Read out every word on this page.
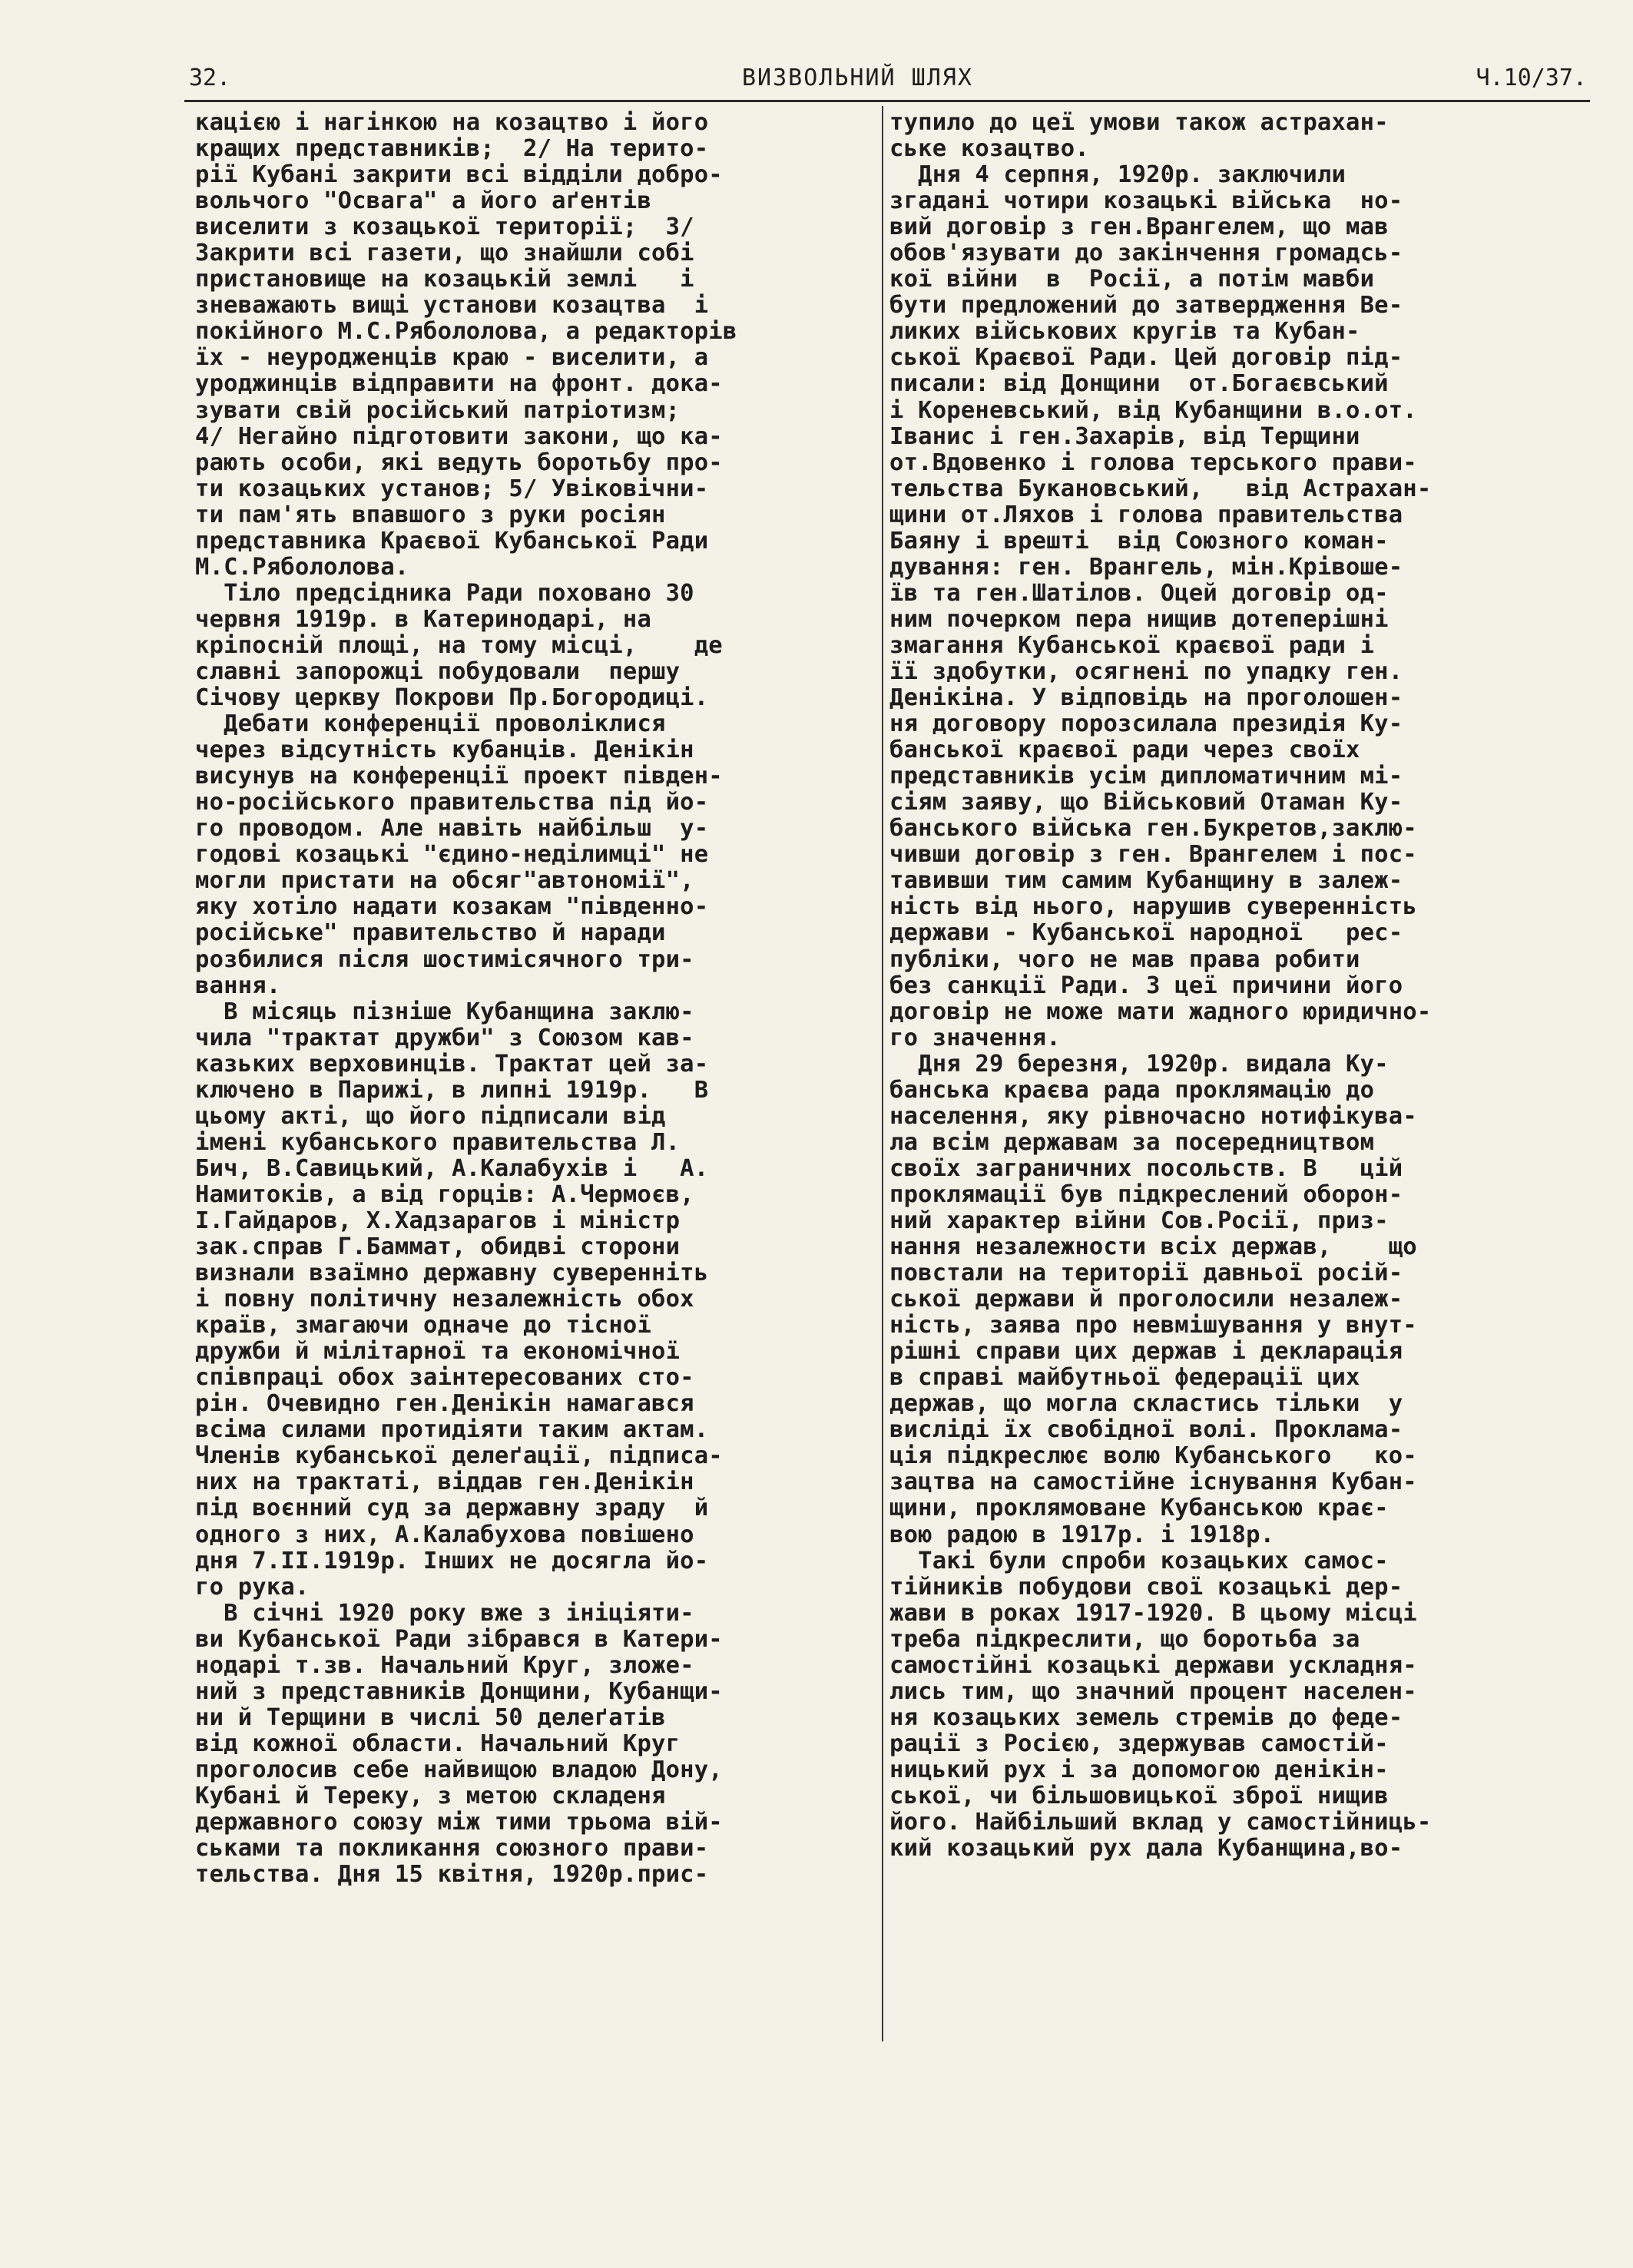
32.	ВИЗВОЛЬНИЙ ШЛЯХ	Ч.10/37.
кацією і нагінкою на козацтво і його
кращих представників;  2/ На терито-
рії Кубані закрити всі відділи добро-
вольчого "Освага" а його аґентів
виселити з козацької території;  3/
Закрити всі газети, що знайшли собі
пристановище на козацькій землі   і
зневажають вищі установи козацтва  і
покійного М.С.Рябололова, а редакторів
їх - неуродженців краю - виселити, а
уроджинців відправити на фронт. дока-
зувати свій російський патріотизм;
4/ Негайно підготовити закони, що ка-
рають особи, які ведуть боротьбу про-
ти козацьких установ; 5/ Увіковічни-
ти пам'ять впавшого з руки росіян
представника Краєвої Кубанської Ради
М.С.Рябололова.
Тіло предсідника Ради поховано 30
червня 1919р. в Катеринодарі, на
кріпосній площі, на тому місці,    де
славні запорожці побудовали  першу
Січову церкву Покрови Пр.Богородиці.
Дебати конференції проволіклися
через відсутність кубанців. Денікін
висунув на конференції проект півден-
но-російського правительства під йо-
го проводом. Але навіть найбільш  у-
годові козацькі "єдино-неділимці" не
могли пристати на обсяг"автономії",
яку хотіло надати козакам "південно-
російське" правительство й наради
розбилися після шостимісячного три-
вання.
В місяць пізніше Кубанщина заклю-
чила "трактат дружби" з Союзом кав-
казьких верховинців. Трактат цей за-
ключено в Парижі, в липні 1919р.   В
цьому акті, що його підписали від
імені кубанського правительства Л.
Бич, В.Савицький, А.Калабухів і   А.
Намитоків, а від горців: А.Чермоєв,
І.Гайдаров, Х.Хадзарагов і міністр
зак.справ Г.Баммат, обидві сторони
визнали взаїмно державну суверенніть
і повну політичну незалежність обох
країв, змагаючи одначе до тісної
дружби й мілітарної та економічної
співпраці обох заінтересованих сто-
рін. Очевидно ген.Денікін намагався
всіма силами протидіяти таким актам.
Членів кубанської делеґації, підписа-
них на трактаті, віддав ген.Денікін
під воєнний суд за державну зраду  й
одного з них, А.Калабухова повішено
дня 7.II.1919р. Інших не досягла йо-
го рука.
В січні 1920 року вже з ініціяти-
ви Кубанської Ради зібрався в Катери-
нодарі т.зв. Начальний Круг, зложе-
ний з представників Донщини, Кубанщи-
ни й Терщини в числі 50 делеґатів
від кожної области. Начальний Круг
проголосив себе найвищою владою Дону,
Кубані й Тереку, з метою складеня
державного союзу між тими трьома вій-
ськами та покликання союзного прави-
тельства. Дня 15 квітня, 1920р.прис-
тупило до цеї умови також астрахан-
ське козацтво.
Дня 4 серпня, 1920р. заключили
згадані чотири козацькі війська  но-
вий договір з ген.Врангелем, що мав
обов'язувати до закінчення громадсь-
кої війни  в  Росії, а потім мавби
бути предложений до затвердження Ве-
ликих військових кругів та Кубан-
ської Краєвої Ради. Цей договір під-
писали: від Донщини  от.Богаєвський
і Кореневський, від Кубанщини в.о.от.
Іванис і ген.Захарів, від Терщини
от.Вдовенко і голова терського прави-
тельства Букановський,   від Астрахан-
щини от.Ляхов і голова правительства
Баяну і врешті  від Союзного коман-
дування: ген. Врангель, мін.Крівоше-
їв та ген.Шатілов. Оцей договір од-
ним почерком пера нищив дотеперішні
змагання Кубанської краєвої ради і
її здобутки, осягнені по упадку ген.
Денікіна. У відповідь на проголошен-
ня договору порозсилала президія Ку-
банської краєвої ради через своїх
представників усім дипломатичним мі-
сіям заяву, що Військовий Отаман Ку-
банського війська ген.Букретов,заклю-
чивши договір з ген. Врангелем і пос-
тавивши тим самим Кубанщину в залеж-
ність від нього, нарушив суверенність
держави - Кубанської народної   рес-
публіки, чого не мав права робити
без санкції Ради. З цеї причини його
договір не може мати жадного юридично-
го значення.
Дня 29 березня, 1920р. видала Ку-
банська краєва рада проклямацію до
населення, яку рівночасно нотифікува-
ла всім державам за посередництвом
своїх заграничних посольств. В   цій
проклямації був підкреслений оборон-
ний характер війни Сов.Росії, приз-
нання незалежности всіх держав,    що
повстали на території давньої росій-
ської держави й проголосили незалеж-
ність, заява про невмішування у внут-
рішні справи цих держав і декларація
в справі майбутньої федерації цих
держав, що могла скластись тільки  у
висліді їх свобідної волі. Проклама-
ція підкреслює волю Кубанського   ко-
зацтва на самостійне існування Кубан-
щини, проклямоване Кубанською крає-
вою радою в 1917р. і 1918р.
Такі були спроби козацьких самос-
тійників побудови свої козацькі дер-
жави в роках 1917-1920. В цьому місці
треба підкреслити, що боротьба за
самостійні козацькі держави ускладня-
лись тим, що значний процент населен-
ня козацьких земель стремів до феде-
рації з Росією, здержував самостій-
ницький рух і за допомогою денікін-
ської, чи більшовицької зброї нищив
його. Найбільший вклад у самостійниць-
кий козацький рух дала Кубанщина,во-
